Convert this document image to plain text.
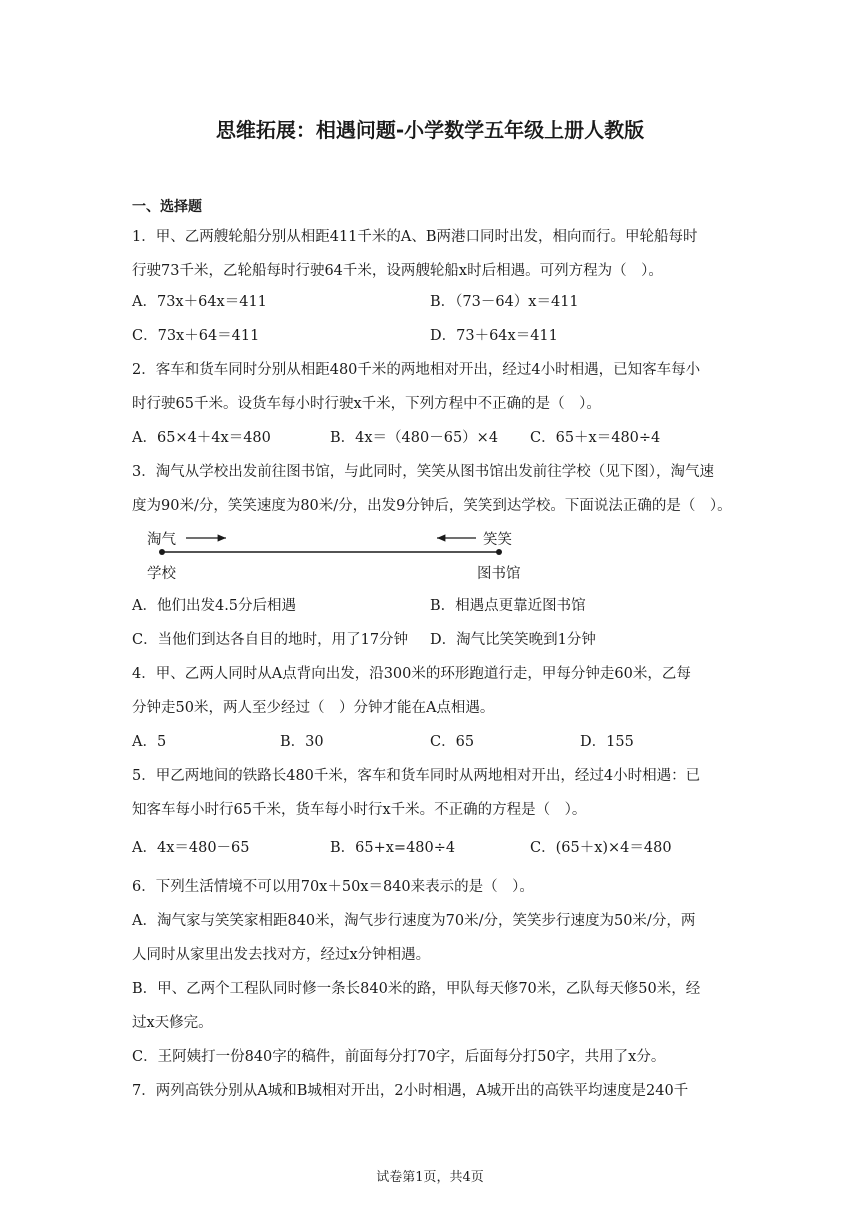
思维拓展：相遇问题-小学数学五年级上册人教版
一、选择题
1．甲、乙两艘轮船分别从相距411千米的A、B两港口同时出发，相向而行。甲轮船每时
行驶73千米，乙轮船每时行驶64千米，设两艘轮船x时后相遇。可列方程为（　）。
A．73x＋64x＝411	B．（73－64）x＝411
C．73x＋64＝411	D．73＋64x＝411
2．客车和货车同时分别从相距480千米的两地相对开出，经过4小时相遇，已知客车每小
时行驶65千米。设货车每小时行驶x千米，下列方程中不正确的是（　）。
A．65×4＋4x＝480	B．4x＝（480－65）×4 C．65＋x＝480÷4
3．淘气从学校出发前往图书馆，与此同时，笑笑从图书馆出发前往学校（见下图），淘气速
度为90米/分，笑笑速度为80米/分，出发9分钟后，笑笑到达学校。下面说法正确的是（　）。
淘气	笑笑
学校	图书馆
A．他们出发4.5分后相遇	B．相遇点更靠近图书馆
C．当他们到达各自目的地时，用了17分钟 D．淘气比笑笑晚到1分钟
4．甲、乙两人同时从A点背向出发，沿300米的环形跑道行走，甲每分钟走60米，乙每
分钟走50米，两人至少经过（　）分钟才能在A点相遇。
A．5	B．30	C．65	D．155
5．甲乙两地间的铁路长480千米，客车和货车同时从两地相对开出，经过4小时相遇：已
知客车每小时行65千米，货车每小时行x千米。不正确的方程是（　）。
A．4x＝480－65	B．65+x=480÷4	C．(65＋x)×4＝480
6．下列生活情境不可以用70x＋50x＝840来表示的是（　）。
A．淘气家与笑笑家相距840米，淘气步行速度为70米/分，笑笑步行速度为50米/分，两
人同时从家里出发去找对方，经过x分钟相遇。
B．甲、乙两个工程队同时修一条长840米的路，甲队每天修70米，乙队每天修50米，经
过x天修完。
C．王阿姨打一份840字的稿件，前面每分打70字，后面每分打50字，共用了x分。
7．两列高铁分别从A城和B城相对开出，2小时相遇，A城开出的高铁平均速度是240千
试卷第1页，共4页
